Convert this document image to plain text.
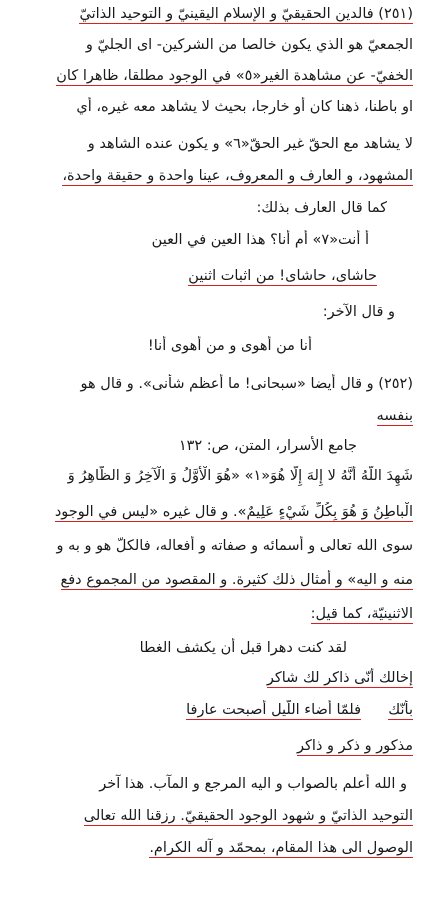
(٢٥١) فالدين الحقيقيّ و الإسلام اليقينيّ و التوحيد الذاتيّ
الجمعيّ هو الذي يكون خالصا من الشركين- اى الجليّ و
الخفيّ- عن مشاهدة الغير«٥» في الوجود مطلقا، ظاهرا كان
او باطنا، ذهنا كان أو خارجا، بحيث لا يشاهد معه غيره، أي
لا يشاهد مع الحقّ غير الحقّ«٦» و يكون عنده الشاهد و
المشهود، و العارف و المعروف، عينا واحدة و حقيقة واحدة،
كما قال العارف بذلك:
أ أنت«٧» أم أنا؟ هذا العين في العين
حاشاى، حاشاى! من اثبات اثنين
و قال الآخر:
أنا من أهوى و من أهوى أنا!
(٢٥٢) و قال أيضا «سبحانى! ما أعظم شأنى». و قال هو
بنفسه
جامع الأسرار، المتن، ص: ١٣٢
شَهِدَ اللَّهُ أَنَّهُ لا إِلهَ إِلَّا هُوَ«١» «هُوَ الْأَوَّلُ وَ الْآخِرُ وَ الظَّاهِرُ وَ
الْباطِنُ وَ هُوَ بِكُلِّ شَيْءٍ عَلِيمٌ». و قال غيره «ليس في الوجود
سوى الله تعالى و أسمائه و صفاته و أفعاله، فالكلّ هو و به و
منه و اليه» و أمثال ذلك كثيرة. و المقصود من المجموع دفع
الاثنينيّة، كما قيل:
لقد كنت دهرا قبل أن يكشف الغطا
إخالك أنّى ذاكر لك شاكر
فلمّا أضاء اللّيل أصبحت عارفا	بأنّك
مذكور و ذكر و ذاكر
و الله أعلم بالصواب و اليه المرجع و المآب. هذا آخر
التوحيد الذاتيّ و شهود الوجود الحقيقيّ. رزقنا الله تعالى
الوصول الى هذا المقام، بمحمّد و آله الكرام.
